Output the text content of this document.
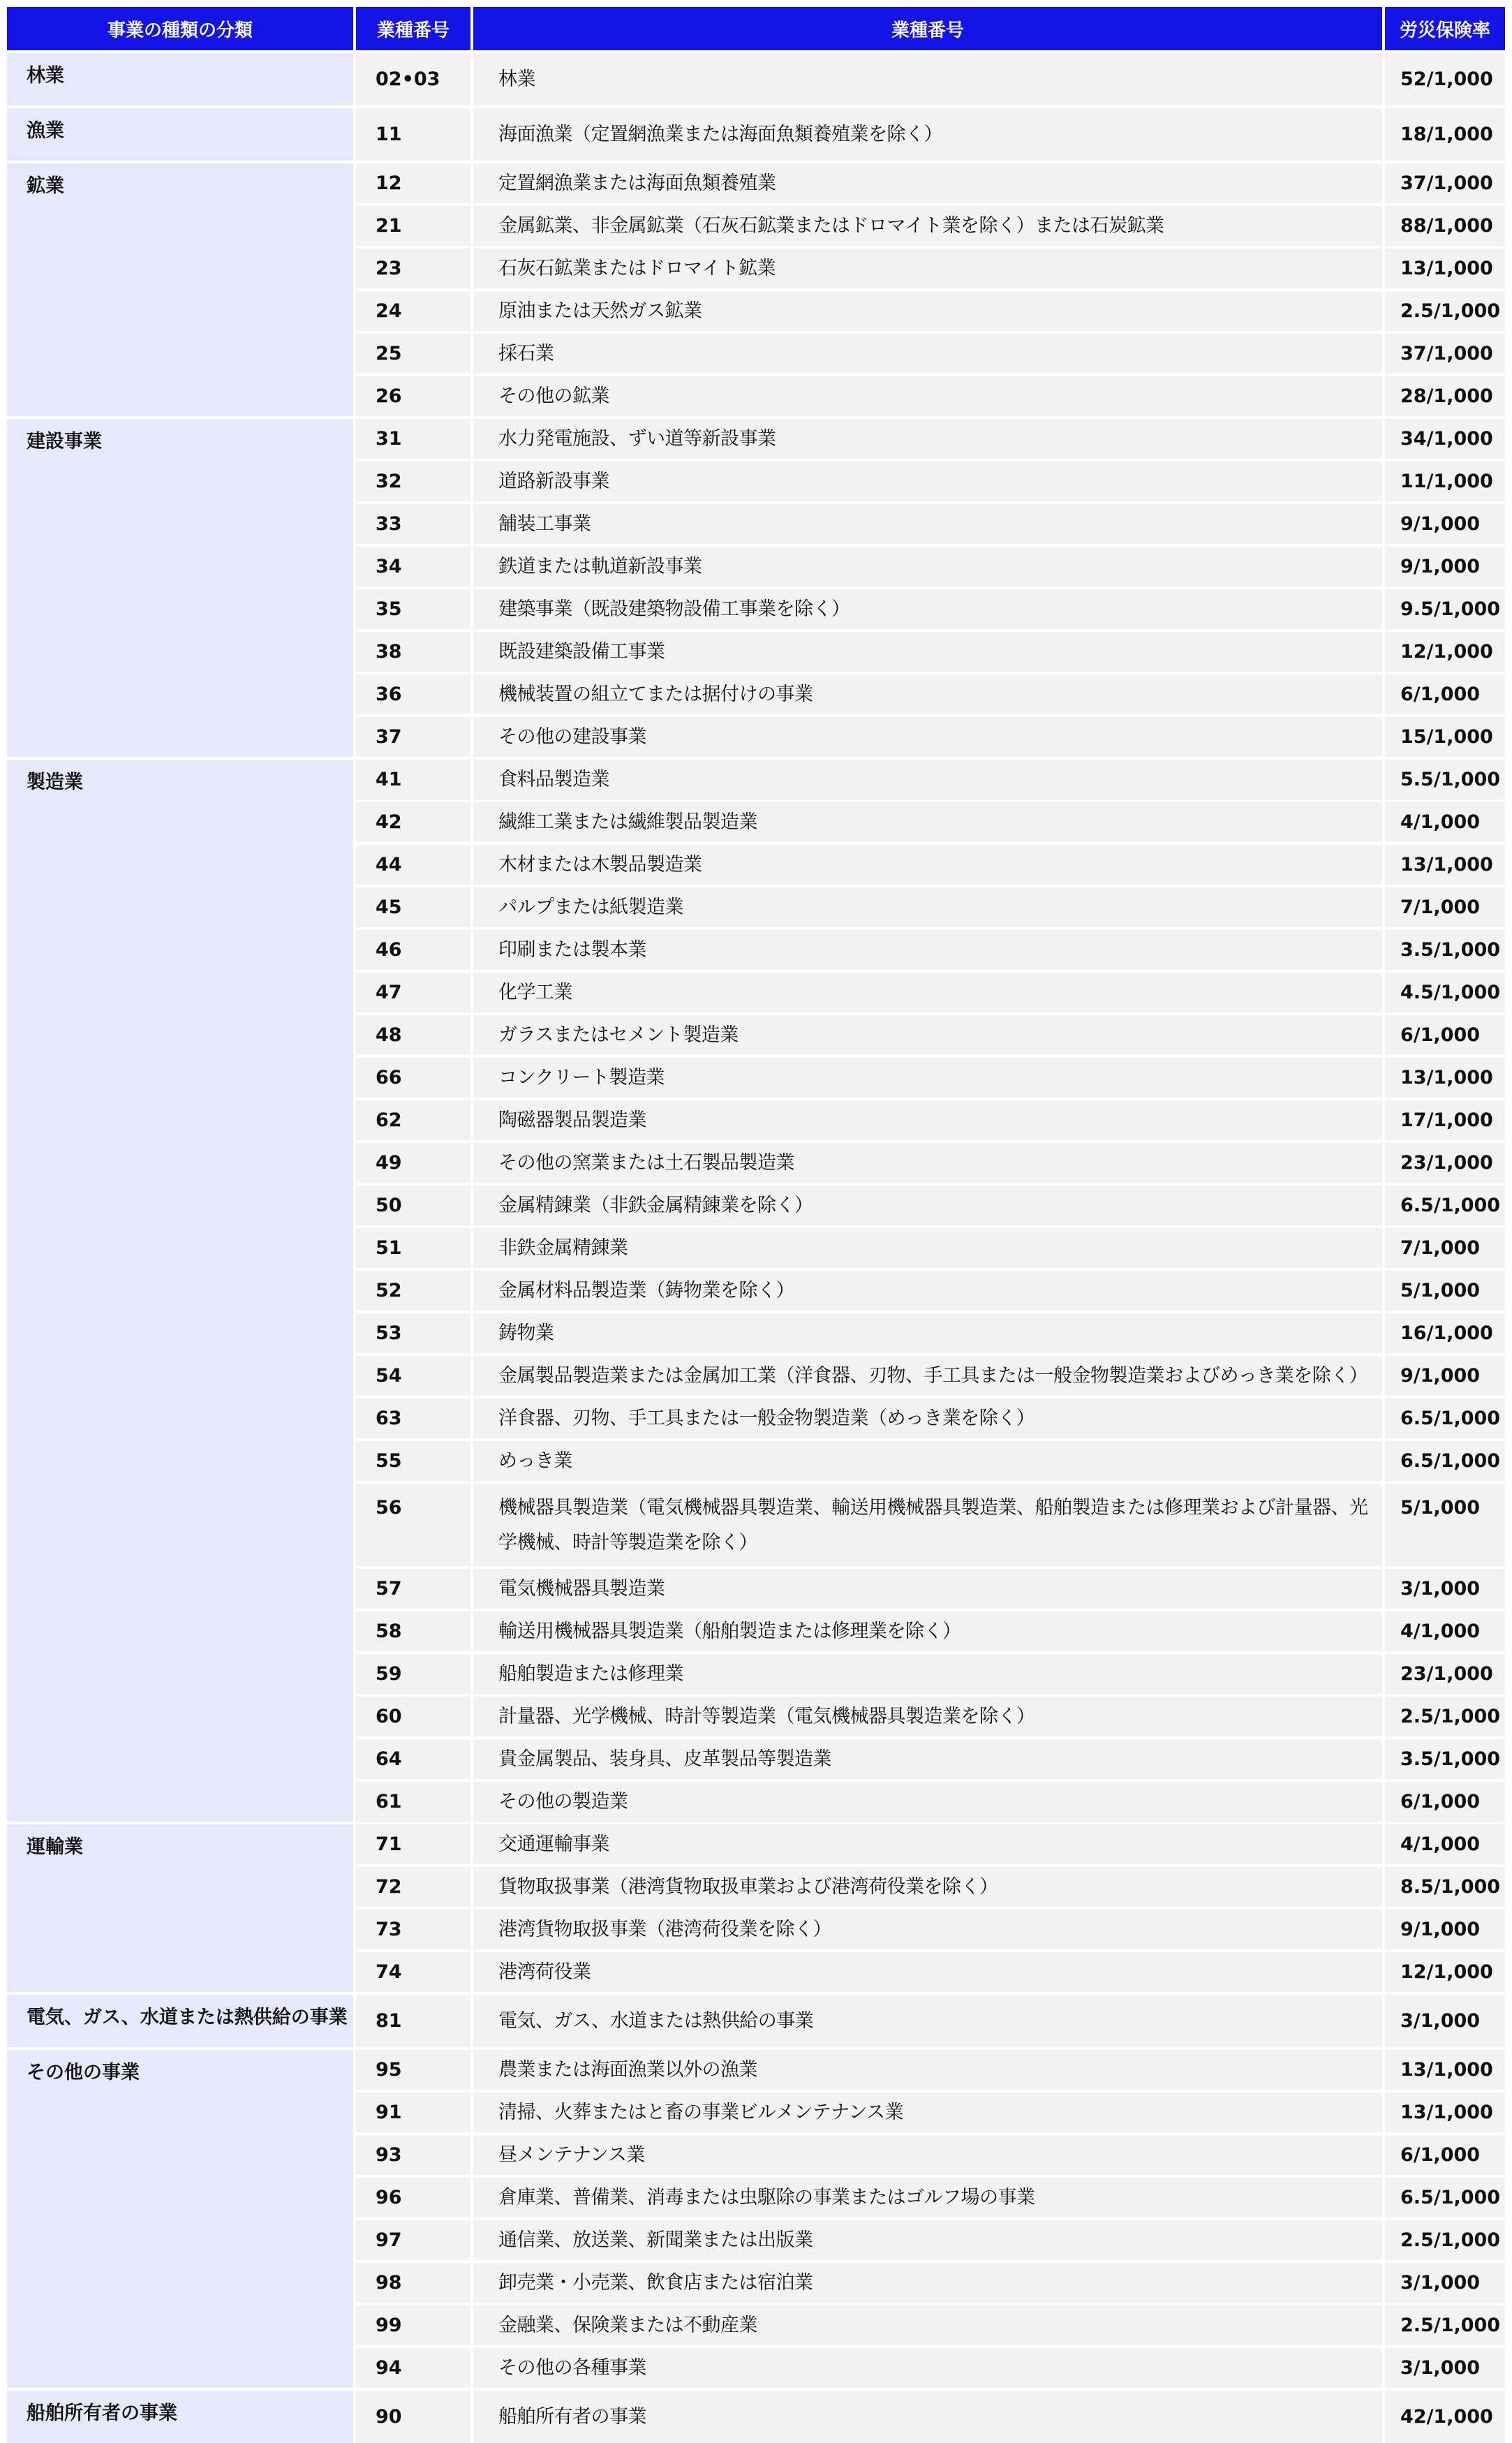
事業の種類の分類	業種番号	業種番号	労災保険率
林業	02•03	林業	52/1,000
漁業	11	海面漁業（定置網漁業または海面魚類養殖業を除く）	18/1,000
鉱業	12	定置網漁業または海面魚類養殖業	37/1,000
	21	金属鉱業、非金属鉱業（石灰石鉱業またはドロマイト業を除く）または石炭鉱業	88/1,000
	23	石灰石鉱業またはドロマイト鉱業	13/1,000
	24	原油または天然ガス鉱業	2.5/1,000
	25	採石業	37/1,000
	26	その他の鉱業	28/1,000
建設事業	31	水力発電施設、ずい道等新設事業	34/1,000
	32	道路新設事業	11/1,000
	33	舗装工事業	9/1,000
	34	鉄道または軌道新設事業	9/1,000
	35	建築事業（既設建築物設備工事業を除く）	9.5/1,000
	38	既設建築設備工事業	12/1,000
	36	機械装置の組立てまたは据付けの事業	6/1,000
	37	その他の建設事業	15/1,000
製造業	41	食料品製造業	5.5/1,000
	42	繊維工業または繊維製品製造業	4/1,000
	44	木材または木製品製造業	13/1,000
	45	パルプまたは紙製造業	7/1,000
	46	印刷または製本業	3.5/1,000
	47	化学工業	4.5/1,000
	48	ガラスまたはセメント製造業	6/1,000
	66	コンクリート製造業	13/1,000
	62	陶磁器製品製造業	17/1,000
	49	その他の窯業または土石製品製造業	23/1,000
	50	金属精錬業（非鉄金属精錬業を除く）	6.5/1,000
	51	非鉄金属精錬業	7/1,000
	52	金属材料品製造業（鋳物業を除く）	5/1,000
	53	鋳物業	16/1,000
	54	金属製品製造業または金属加工業（洋食器、刃物、手工具または一般金物製造業およびめっき業を除く）	9/1,000
	63	洋食器、刃物、手工具または一般金物製造業（めっき業を除く）	6.5/1,000
	55	めっき業	6.5/1,000
	56	機械器具製造業（電気機械器具製造業、輸送用機械器具製造業、船舶製造または修理業および計量器、光学機械、時計等製造業を除く）	5/1,000
	57	電気機械器具製造業	3/1,000
	58	輸送用機械器具製造業（船舶製造または修理業を除く）	4/1,000
	59	船舶製造または修理業	23/1,000
	60	計量器、光学機械、時計等製造業（電気機械器具製造業を除く）	2.5/1,000
	64	貴金属製品、装身具、皮革製品等製造業	3.5/1,000
	61	その他の製造業	6/1,000
運輸業	71	交通運輸事業	4/1,000
	72	貨物取扱事業（港湾貨物取扱車業および港湾荷役業を除く）	8.5/1,000
	73	港湾貨物取扱事業（港湾荷役業を除く）	9/1,000
	74	港湾荷役業	12/1,000
電気、ガス、水道または熱供給の事業	81	電気、ガス、水道または熱供給の事業	3/1,000
その他の事業	95	農業または海面漁業以外の漁業	13/1,000
	91	清掃、火葬またはと畜の事業ビルメンテナンス業	13/1,000
	93	昼メンテナンス業	6/1,000
	96	倉庫業、普備業、消毒または虫駆除の事業またはゴルフ場の事業	6.5/1,000
	97	通信業、放送業、新聞業または出版業	2.5/1,000
	98	卸売業・小売業、飲食店または宿泊業	3/1,000
	99	金融業、保険業または不動産業	2.5/1,000
	94	その他の各種事業	3/1,000
船舶所有者の事業	90	船舶所有者の事業	42/1,000
